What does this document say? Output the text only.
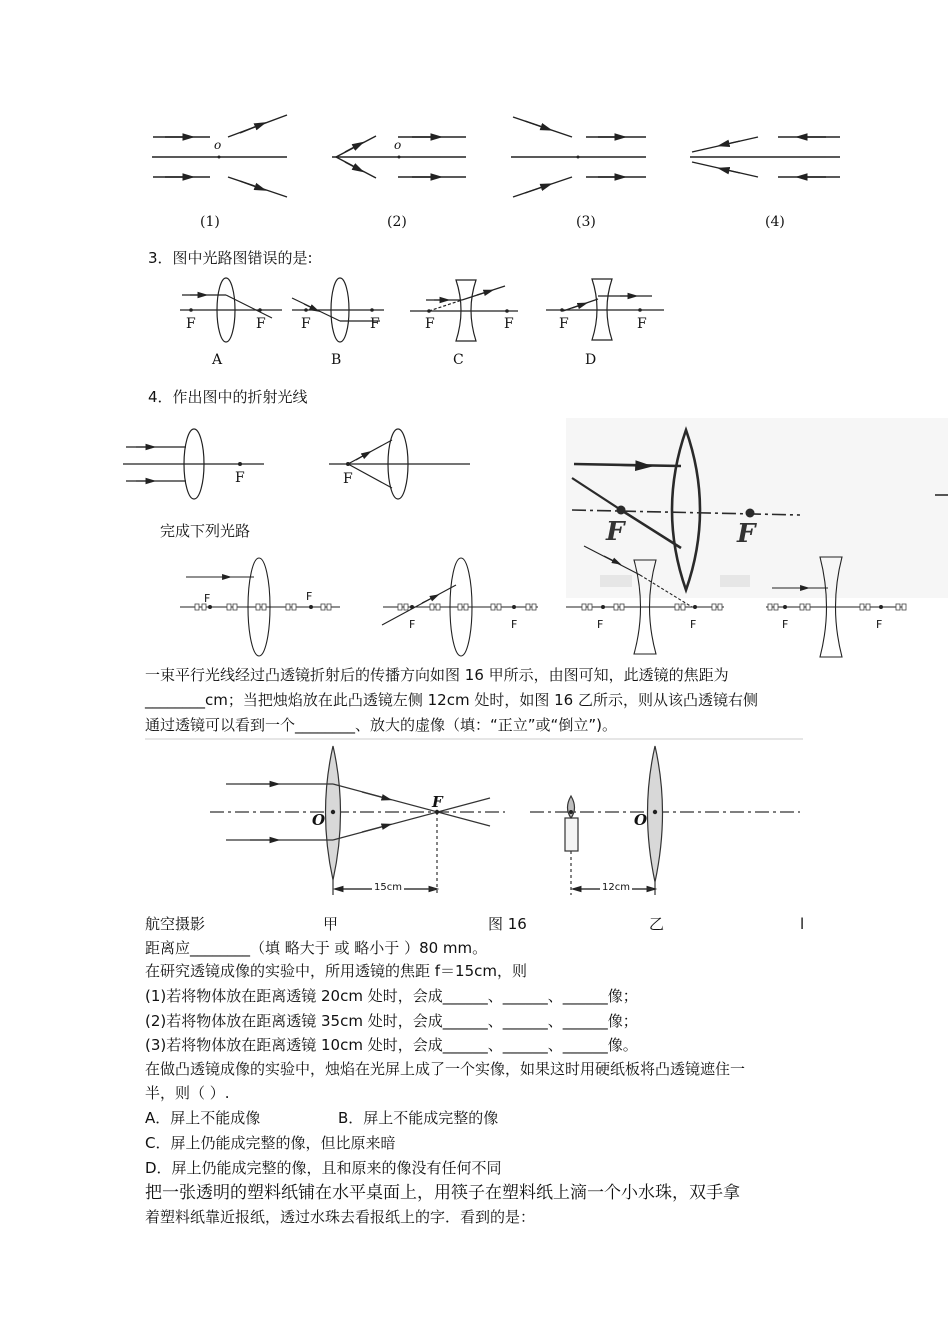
o	o
(1)	(2)	(3)	(4)
3．图中光路图错误的是:
F	F	F	F	F	F	F	F
A	B	C	D
4．作出图中的折射光线
F	F
F	F
完成下列光路
F	F
F	F	F	F	F	F
一束平行光线经过凸透镜折射后的传播方向如图 16 甲所示，由图可知，此透镜的焦距为
________cm；当把烛焰放在此凸透镜左侧 12cm 处时，如图 16 乙所示，则从该凸透镜右侧
通过透镜可以看到一个________、放大的虚像（填：“正立”或“倒立”)。
O
F
O
15cm	12cm
航空摄影	甲	图 16	乙	l
距离应________（填 略大于 或 略小于 ）80 mm。
在研究透镜成像的实验中，所用透镜的焦距 f＝15cm，则
(1)若将物体放在距离透镜 20cm 处时，会成______、______、______像；
(2)若将物体放在距离透镜 35cm 处时，会成______、______、______像；
(3)若将物体放在距离透镜 10cm 处时，会成______、______、______像。
在做凸透镜成像的实验中，烛焰在光屏上成了一个实像，如果这时用硬纸板将凸透镜遮住一
半，则（ ）.
A．屏上不能成像	B．屏上不能成完整的像
C．屏上仍能成完整的像，但比原来暗
D．屏上仍能成完整的像，且和原来的像没有任何不同
把一张透明的塑料纸铺在水平桌面上，用筷子在塑料纸上滴一个小水珠，双手拿
着塑料纸靠近报纸，透过水珠去看报纸上的字．看到的是：
